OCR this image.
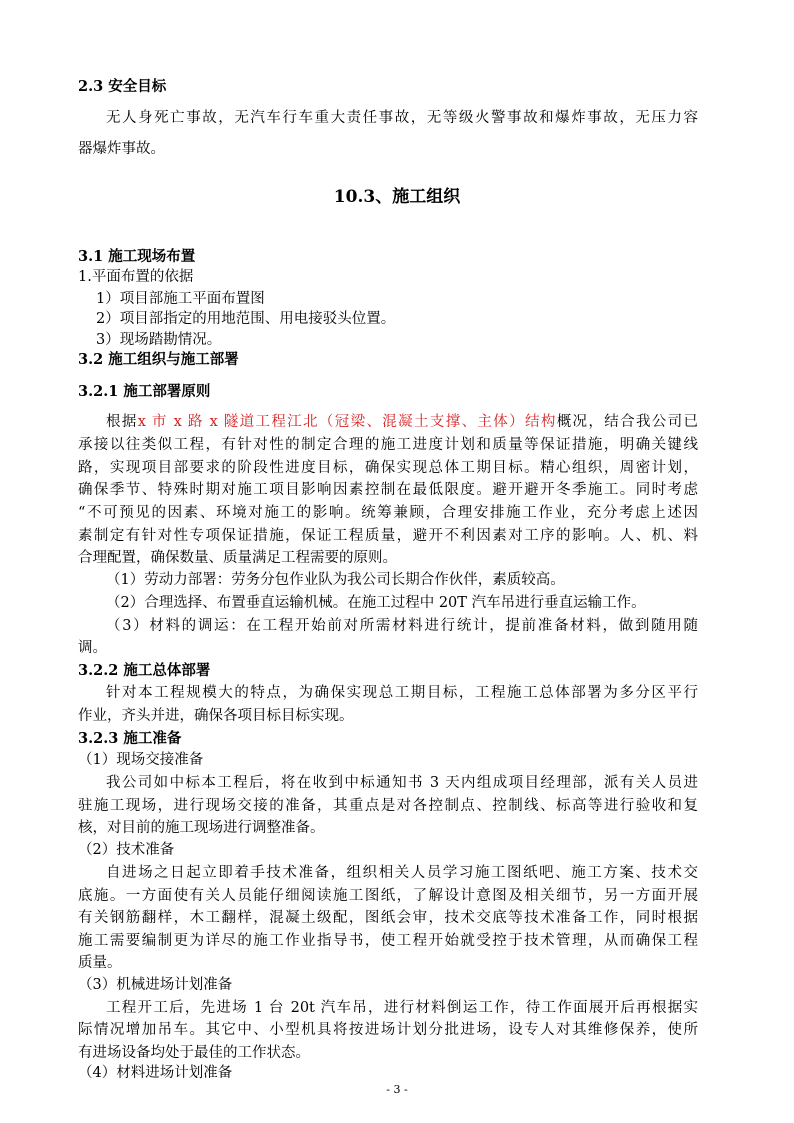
2.3 安全目标
无人身死亡事故，无汽车行车重大责任事故，无等级火警事故和爆炸事故，无压力容
器爆炸事故。
10.3、施工组织
3.1 施工现场布置
1.平面布置的依据
1）项目部施工平面布置图
2）项目部指定的用地范围、用电接驳头位置。
3）现场踏勘情况。
3.2 施工组织与施工部署
3.2.1 施工部署原则
根据x 市 x 路 x 隧道工程江北（冠梁、混凝土支撑、主体）结构概况，结合我公司已
承接以往类似工程，有针对性的制定合理的施工进度计划和质量等保证措施，明确关键线
路，实现项目部要求的阶段性进度目标，确保实现总体工期目标。精心组织，周密计划，
确保季节、特殊时期对施工项目影响因素控制在最低限度。避开避开冬季施工。同时考虑
“不可预见的因素、环境对施工的影响。统筹兼顾，合理安排施工作业，充分考虑上述因
素制定有针对性专项保证措施，保证工程质量，避开不利因素对工序的影响。人、机、料
合理配置，确保数量、质量满足工程需要的原则。
（1）劳动力部署：劳务分包作业队为我公司长期合作伙伴，素质较高。
（2）合理选择、布置垂直运输机械。在施工过程中 20T 汽车吊进行垂直运输工作。
（3）材料的调运：在工程开始前对所需材料进行统计，提前准备材料，做到随用随
调。
3.2.2 施工总体部署
针对本工程规模大的特点，为确保实现总工期目标，工程施工总体部署为多分区平行
作业，齐头并进，确保各项目标目标实现。
3.2.3 施工准备
（1）现场交接准备
我公司如中标本工程后，将在收到中标通知书 3 天内组成项目经理部，派有关人员进
驻施工现场，进行现场交接的准备，其重点是对各控制点、控制线、标高等进行验收和复
核，对目前的施工现场进行调整准备。
（2）技术准备
自进场之日起立即着手技术准备，组织相关人员学习施工图纸吧、施工方案、技术交
底施。一方面使有关人员能仔细阅读施工图纸，了解设计意图及相关细节，另一方面开展
有关钢筋翻样，木工翻样，混凝土级配，图纸会审，技术交底等技术准备工作，同时根据
施工需要编制更为详尽的施工作业指导书，使工程开始就受控于技术管理，从而确保工程
质量。
（3）机械进场计划准备
工程开工后，先进场 1 台 20t 汽车吊，进行材料倒运工作，待工作面展开后再根据实
际情况增加吊车。其它中、小型机具将按进场计划分批进场，设专人对其维修保养，使所
有进场设备均处于最佳的工作状态。
（4）材料进场计划准备
- 3 -
